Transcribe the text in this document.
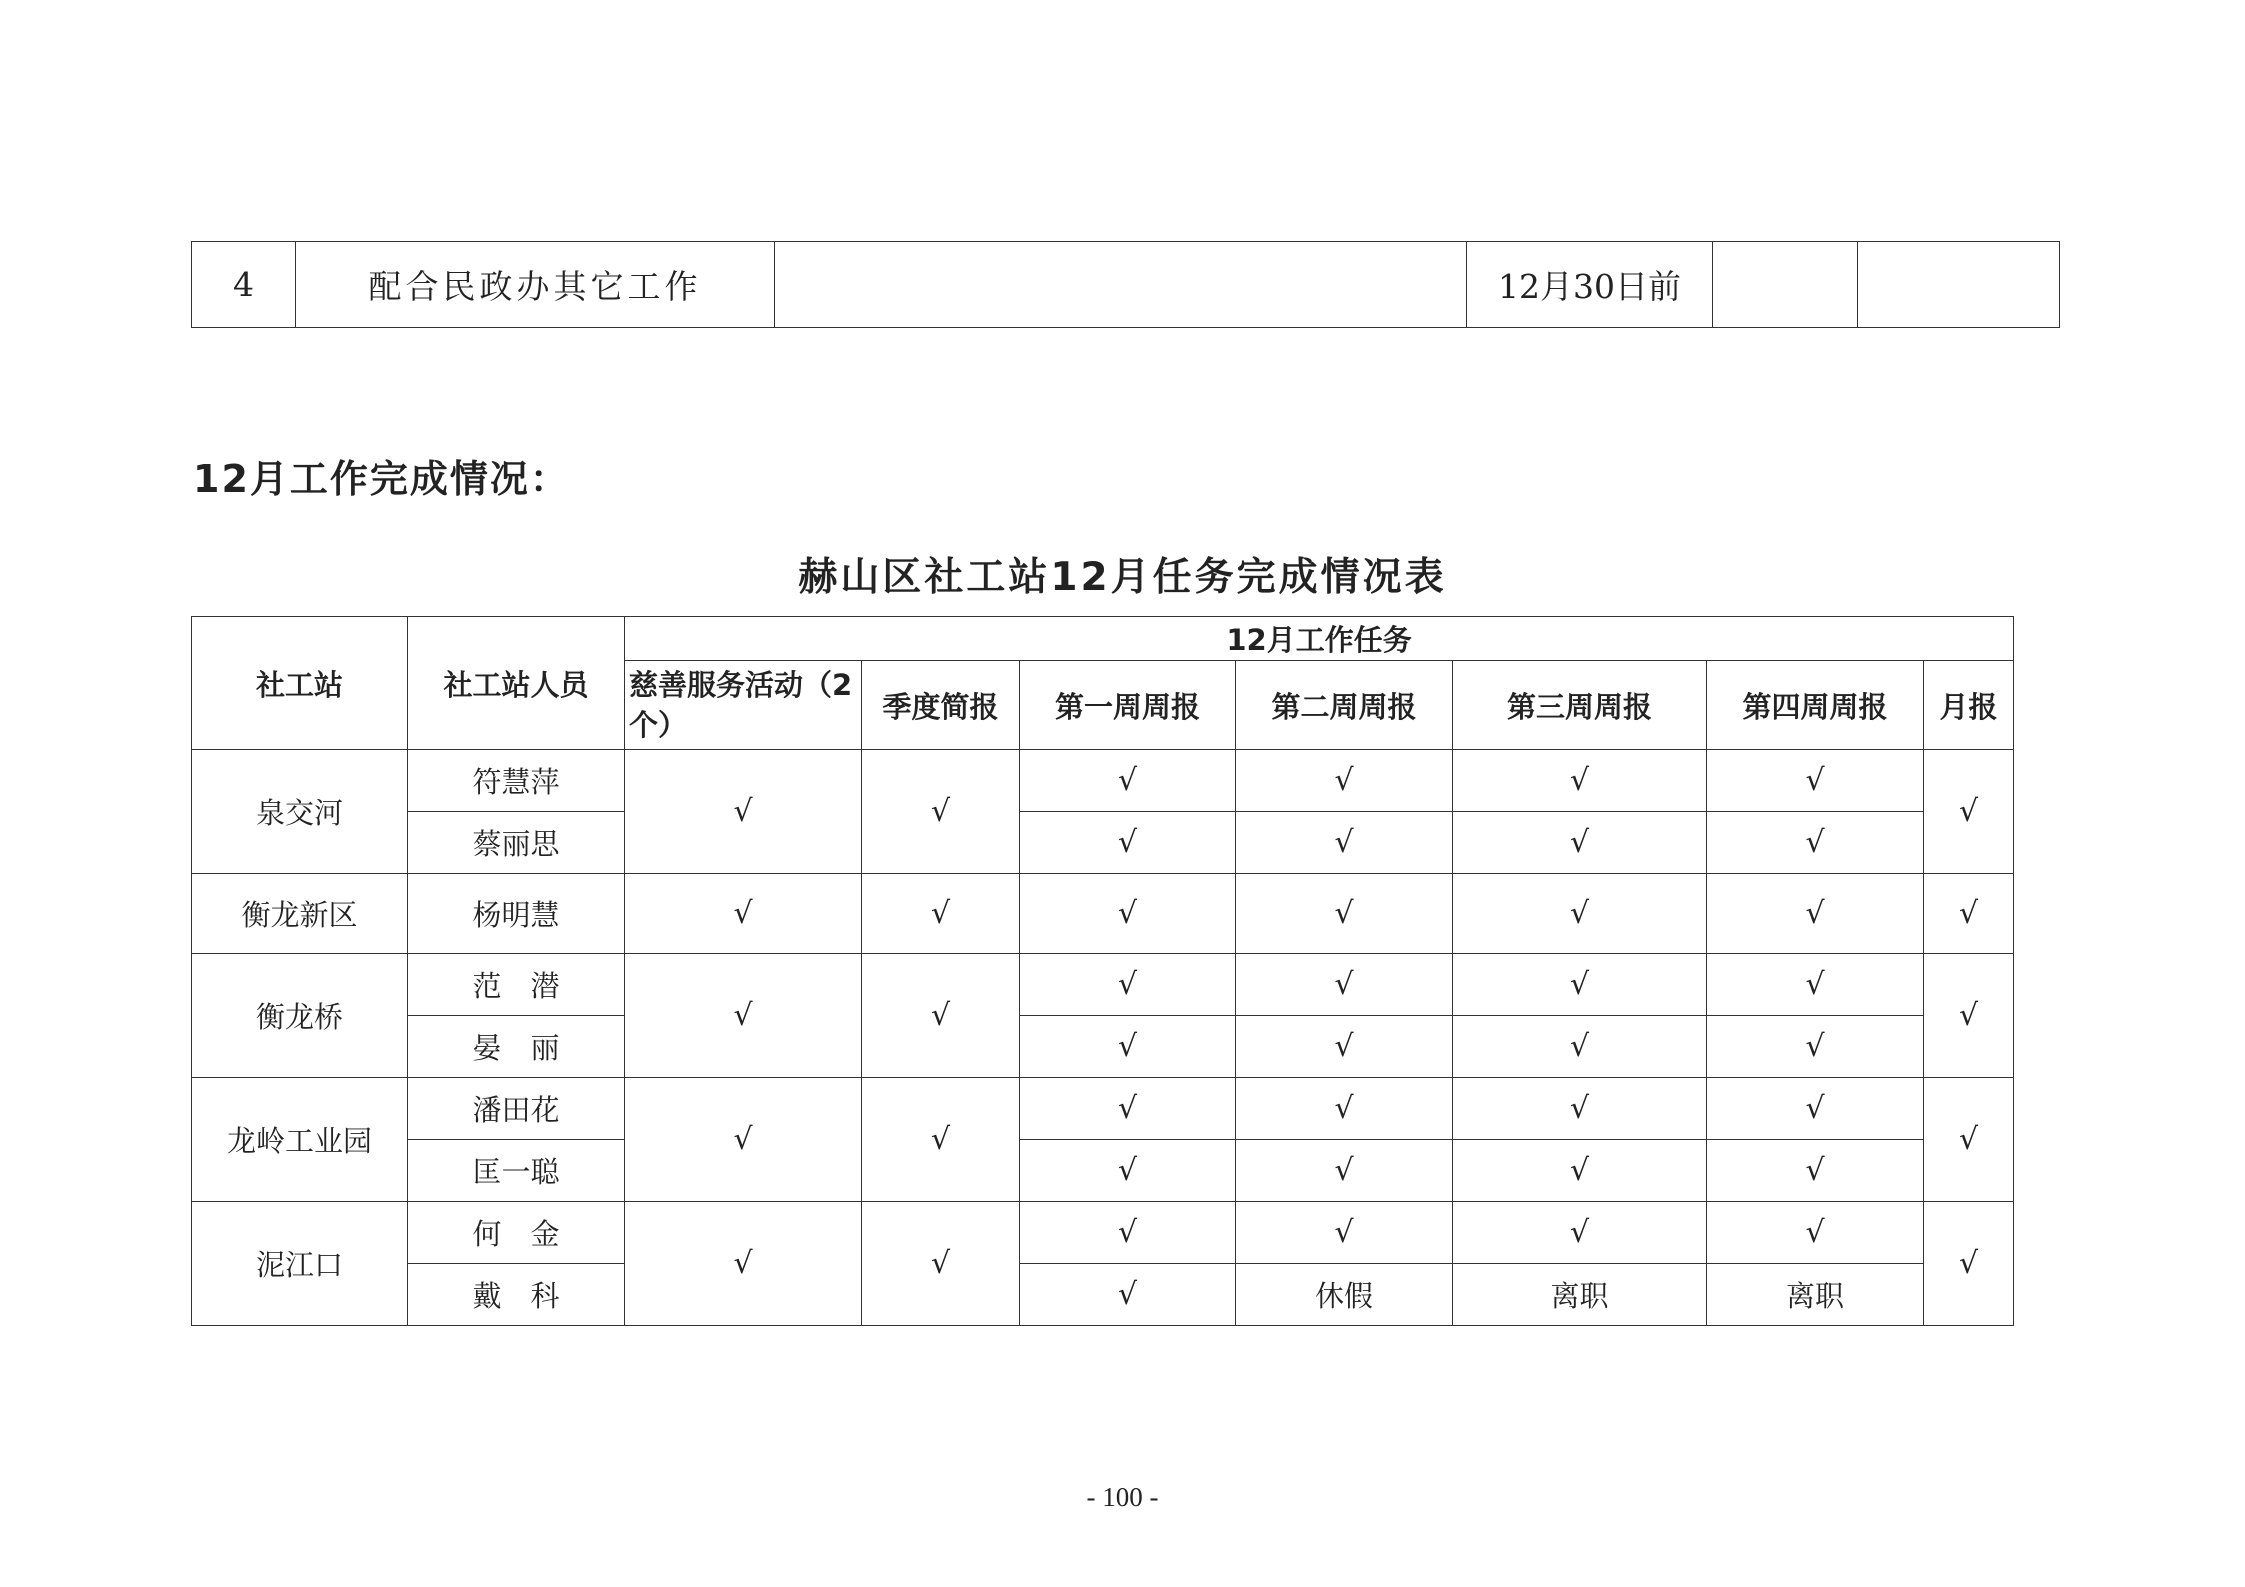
4	配合民政办其它工作		12月30日前		
12月工作完成情况：
赫山区社工站12月任务完成情况表
社工站	社工站人员	12月工作任务						
		慈善服务活动（2个）	季度简报	第一周周报	第二周周报	第三周周报	第四周周报	月报
泉交河	符慧萍	√	√	√	√	√	√	√
	蔡丽思			√	√	√	√	
衡龙新区	杨明慧	√	√	√	√	√	√	√
衡龙桥	范　潜	√	√	√	√	√	√	√
	晏　丽			√	√	√	√	
龙岭工业园	潘田花	√	√	√	√	√	√	√
	匡一聪			√	√	√	√	
泥江口	何　金	√	√	√	√	√	√	√
	戴　科			√	休假	离职	离职	
- 100 -
